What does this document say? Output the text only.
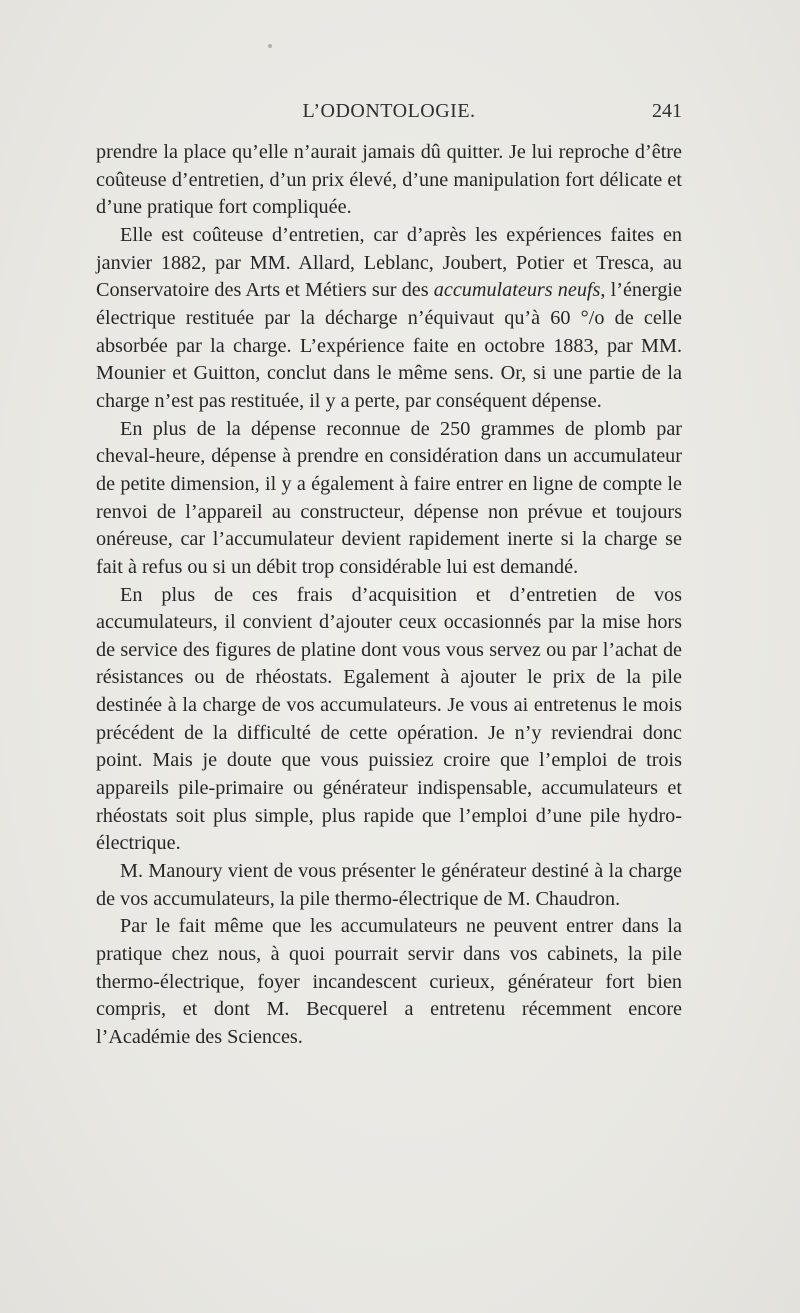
L’ODONTOLOGIE.	241

prendre la place qu’elle n’aurait jamais dû quitter. Je lui reproche d’être coûteuse d’entretien, d’un prix élevé, d’une manipulation fort délicate et d’une pratique fort compliquée.

Elle est coûteuse d’entretien, car d’après les expériences faites en janvier 1882, par MM. Allard, Leblanc, Joubert, Potier et Tresca, au Conservatoire des Arts et Métiers sur des accumulateurs neufs, l’énergie électrique restituée par la décharge n’équivaut qu’à 60 °/o de celle absorbée par la charge. L’expérience faite en octobre 1883, par MM. Mounier et Guitton, conclut dans le même sens. Or, si une partie de la charge n’est pas restituée, il y a perte, par conséquent dépense.

En plus de la dépense reconnue de 250 grammes de plomb par cheval-heure, dépense à prendre en considération dans un accumulateur de petite dimension, il y a également à faire entrer en ligne de compte le renvoi de l’appareil au constructeur, dépense non prévue et toujours onéreuse, car l’accumulateur devient rapidement inerte si la charge se fait à refus ou si un débit trop considérable lui est demandé.

En plus de ces frais d’acquisition et d’entretien de vos accumulateurs, il convient d’ajouter ceux occasionnés par la mise hors de service des figures de platine dont vous vous servez ou par l’achat de résistances ou de rhéostats. Egalement à ajouter le prix de la pile destinée à la charge de vos accumulateurs. Je vous ai entretenus le mois précédent de la difficulté de cette opération. Je n’y reviendrai donc point. Mais je doute que vous puissiez croire que l’emploi de trois appareils pile-primaire ou générateur indispensable, accumulateurs et rhéostats soit plus simple, plus rapide que l’emploi d’une pile hydro-électrique.

M. Manoury vient de vous présenter le générateur destiné à la charge de vos accumulateurs, la pile thermo-électrique de M. Chaudron.

Par le fait même que les accumulateurs ne peuvent entrer dans la pratique chez nous, à quoi pourrait servir dans vos cabinets, la pile thermo-électrique, foyer incandescent curieux, générateur fort bien compris, et dont M. Becquerel a entretenu récemment encore l’Académie des Sciences.
